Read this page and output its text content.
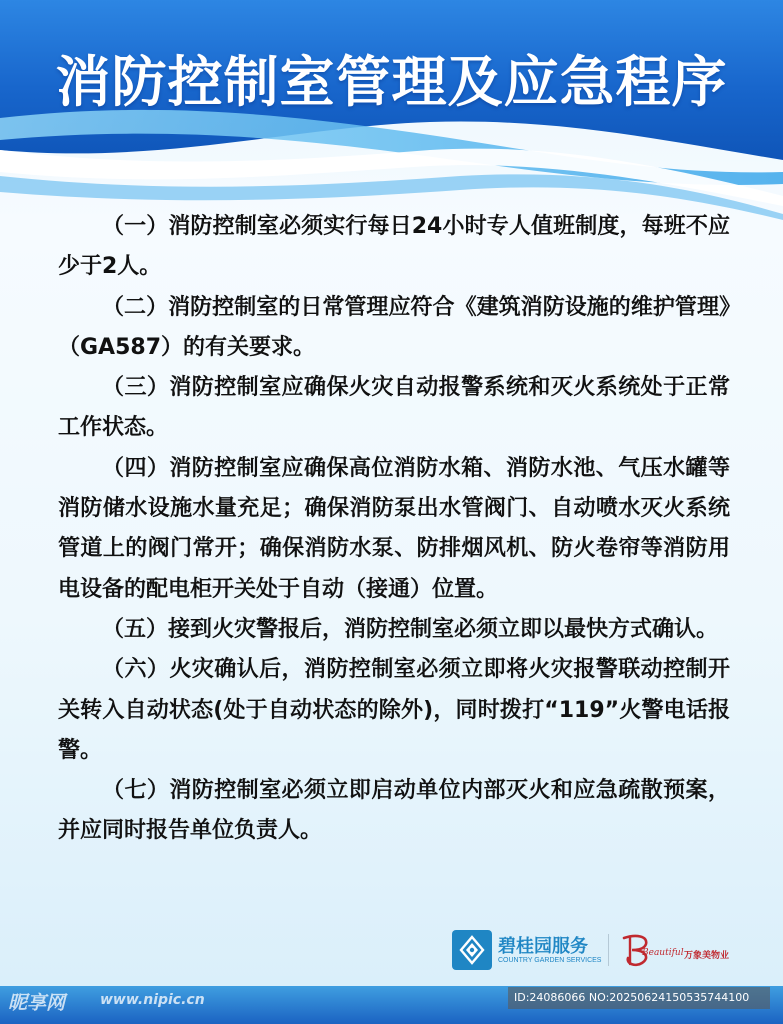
消防控制室管理及应急程序

（一）消防控制室必须实行每日24小时专人值班制度，每班不应少于2人。

（二）消防控制室的日常管理应符合《建筑消防设施的维护管理》（GA587）的有关要求。

（三）消防控制室应确保火灾自动报警系统和灭火系统处于正常工作状态。

（四）消防控制室应确保高位消防水箱、消防水池、气压水罐等消防储水设施水量充足；确保消防泵出水管阀门、自动喷水灭火系统管道上的阀门常开；确保消防水泵、防排烟风机、防火卷帘等消防用电设备的配电柜开关处于自动（接通）位置。

（五）接到火灾警报后，消防控制室必须立即以最快方式确认。

（六）火灾确认后，消防控制室必须立即将火灾报警联动控制开关转入自动状态(处于自动状态的除外)，同时拨打“119”火警电话报警。

（七）消防控制室必须立即启动单位内部灭火和应急疏散预案，并应同时报告单位负责人。

碧桂园服务
COUNTRY GARDEN SERVICES
Beautiful 万象美物业
昵享网 www.nipic.cn	ID:24086066 NO:20250624150535744100
